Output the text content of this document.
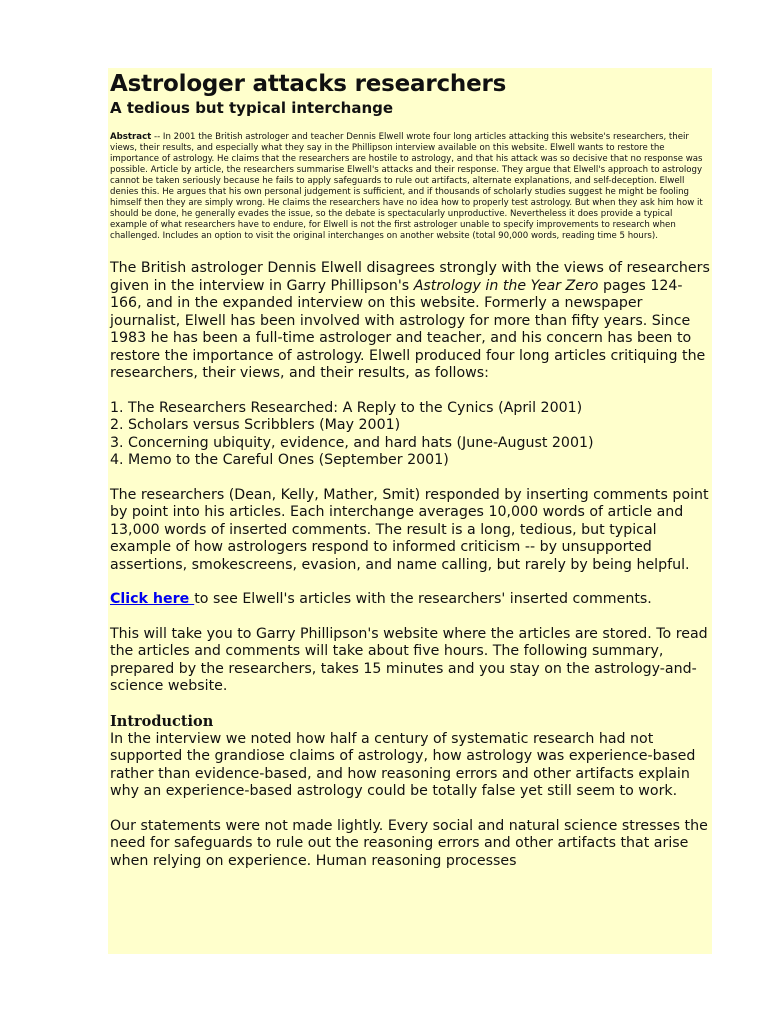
Astrologer attacks researchers
A tedious but typical interchange
Abstract -- In 2001 the British astrologer and teacher Dennis Elwell wrote four long articles attacking this website's researchers, their views, their results, and especially what they say in the Phillipson interview available on this website. Elwell wants to restore the importance of astrology. He claims that the researchers are hostile to astrology, and that his attack was so decisive that no response was possible. Article by article, the researchers summarise Elwell's attacks and their response. They argue that Elwell's approach to astrology cannot be taken seriously because he fails to apply safeguards to rule out artifacts, alternate explanations, and self-deception. Elwell denies this. He argues that his own personal judgement is sufficient, and if thousands of scholarly studies suggest he might be fooling himself then they are simply wrong. He claims the researchers have no idea how to properly test astrology. But when they ask him how it should be done, he generally evades the issue, so the debate is spectacularly unproductive. Nevertheless it does provide a typical example of what researchers have to endure, for Elwell is not the first astrologer unable to specify improvements to research when challenged. Includes an option to visit the original interchanges on another website (total 90,000 words, reading time 5 hours).

The British astrologer Dennis Elwell disagrees strongly with the views of researchers given in the interview in Garry Phillipson's Astrology in the Year Zero pages 124-166, and in the expanded interview on this website. Formerly a newspaper journalist, Elwell has been involved with astrology for more than fifty years. Since 1983 he has been a full-time astrologer and teacher, and his concern has been to restore the importance of astrology. Elwell produced four long articles critiquing the researchers, their views, and their results, as follows:

1. The Researchers Researched: A Reply to the Cynics (April 2001)
2. Scholars versus Scribblers (May 2001)
3. Concerning ubiquity, evidence, and hard hats (June-August 2001)
4. Memo to the Careful Ones (September 2001)

The researchers (Dean, Kelly, Mather, Smit) responded by inserting comments point by point into his articles. Each interchange averages 10,000 words of article and 13,000 words of inserted comments. The result is a long, tedious, but typical example of how astrologers respond to informed criticism -- by unsupported assertions, smokescreens, evasion, and name calling, but rarely by being helpful.

Click here to see Elwell's articles with the researchers' inserted comments.

This will take you to Garry Phillipson's website where the articles are stored. To read the articles and comments will take about five hours. The following summary, prepared by the researchers, takes 15 minutes and you stay on the astrology-and-science website.

Introduction

In the interview we noted how half a century of systematic research had not supported the grandiose claims of astrology, how astrology was experience-based rather than evidence-based, and how reasoning errors and other artifacts explain why an experience-based astrology could be totally false yet still seem to work.

Our statements were not made lightly. Every social and natural science stresses the need for safeguards to rule out the reasoning errors and other artifacts that arise when relying on experience. Human reasoning processes
